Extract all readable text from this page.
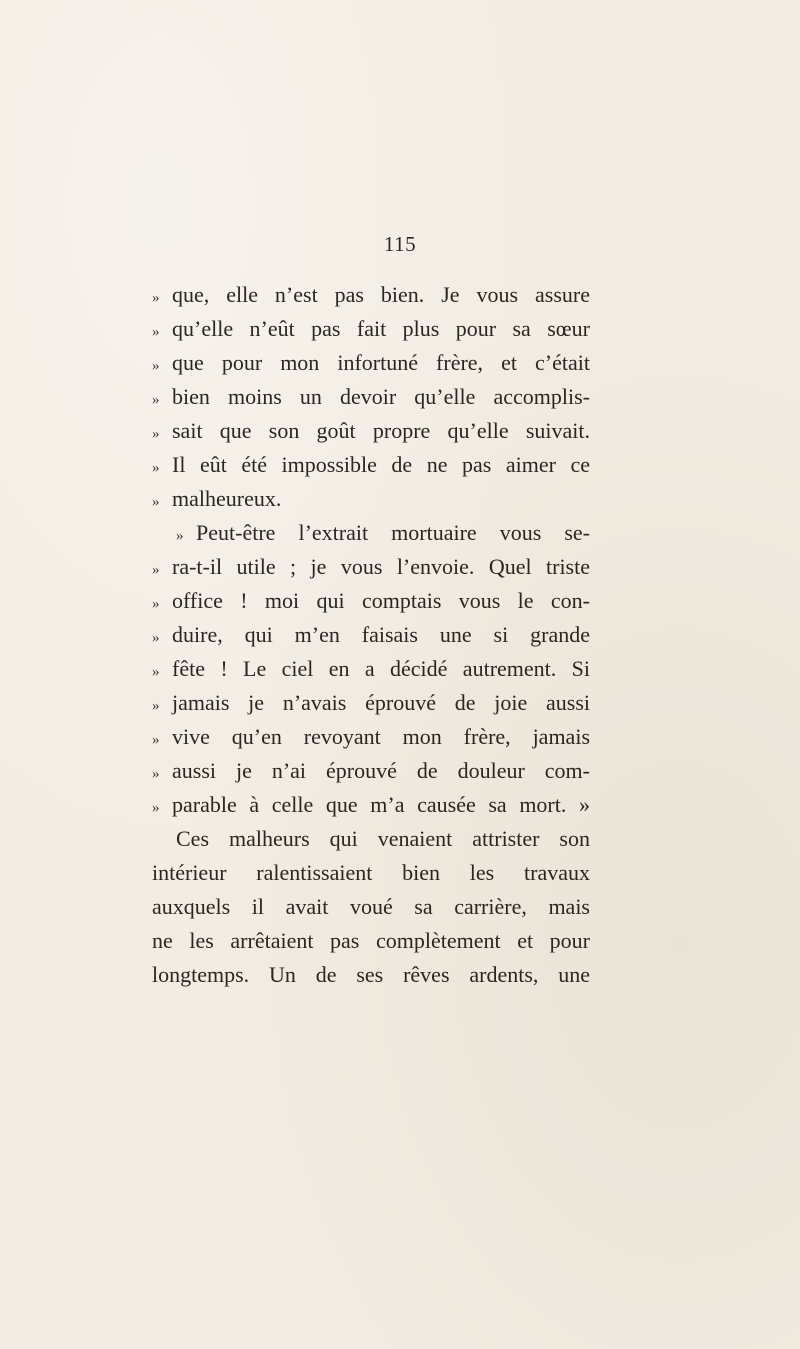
115
» que, elle n’est pas bien. Je vous assure
» qu’elle n’eût pas fait plus pour sa sœur
» que pour mon infortuné frère, et c’était
» bien moins un devoir qu’elle accomplis-
» sait que son goût propre qu’elle suivait.
» Il eût été impossible de ne pas aimer ce
» malheureux.
» Peut-être l’extrait mortuaire vous se-
» ra-t-il utile ; je vous l’envoie. Quel triste
» office ! moi qui comptais vous le con-
» duire, qui m’en faisais une si grande
» fête ! Le ciel en a décidé autrement. Si
» jamais je n’avais éprouvé de joie aussi
» vive qu’en revoyant mon frère, jamais
» aussi je n’ai éprouvé de douleur com-
» parable à celle que m’a causée sa mort. »
Ces malheurs qui venaient attrister son
intérieur ralentissaient bien les travaux
auxquels il avait voué sa carrière, mais
ne les arrêtaient pas complètement et pour
longtemps. Un de ses rêves ardents, une
